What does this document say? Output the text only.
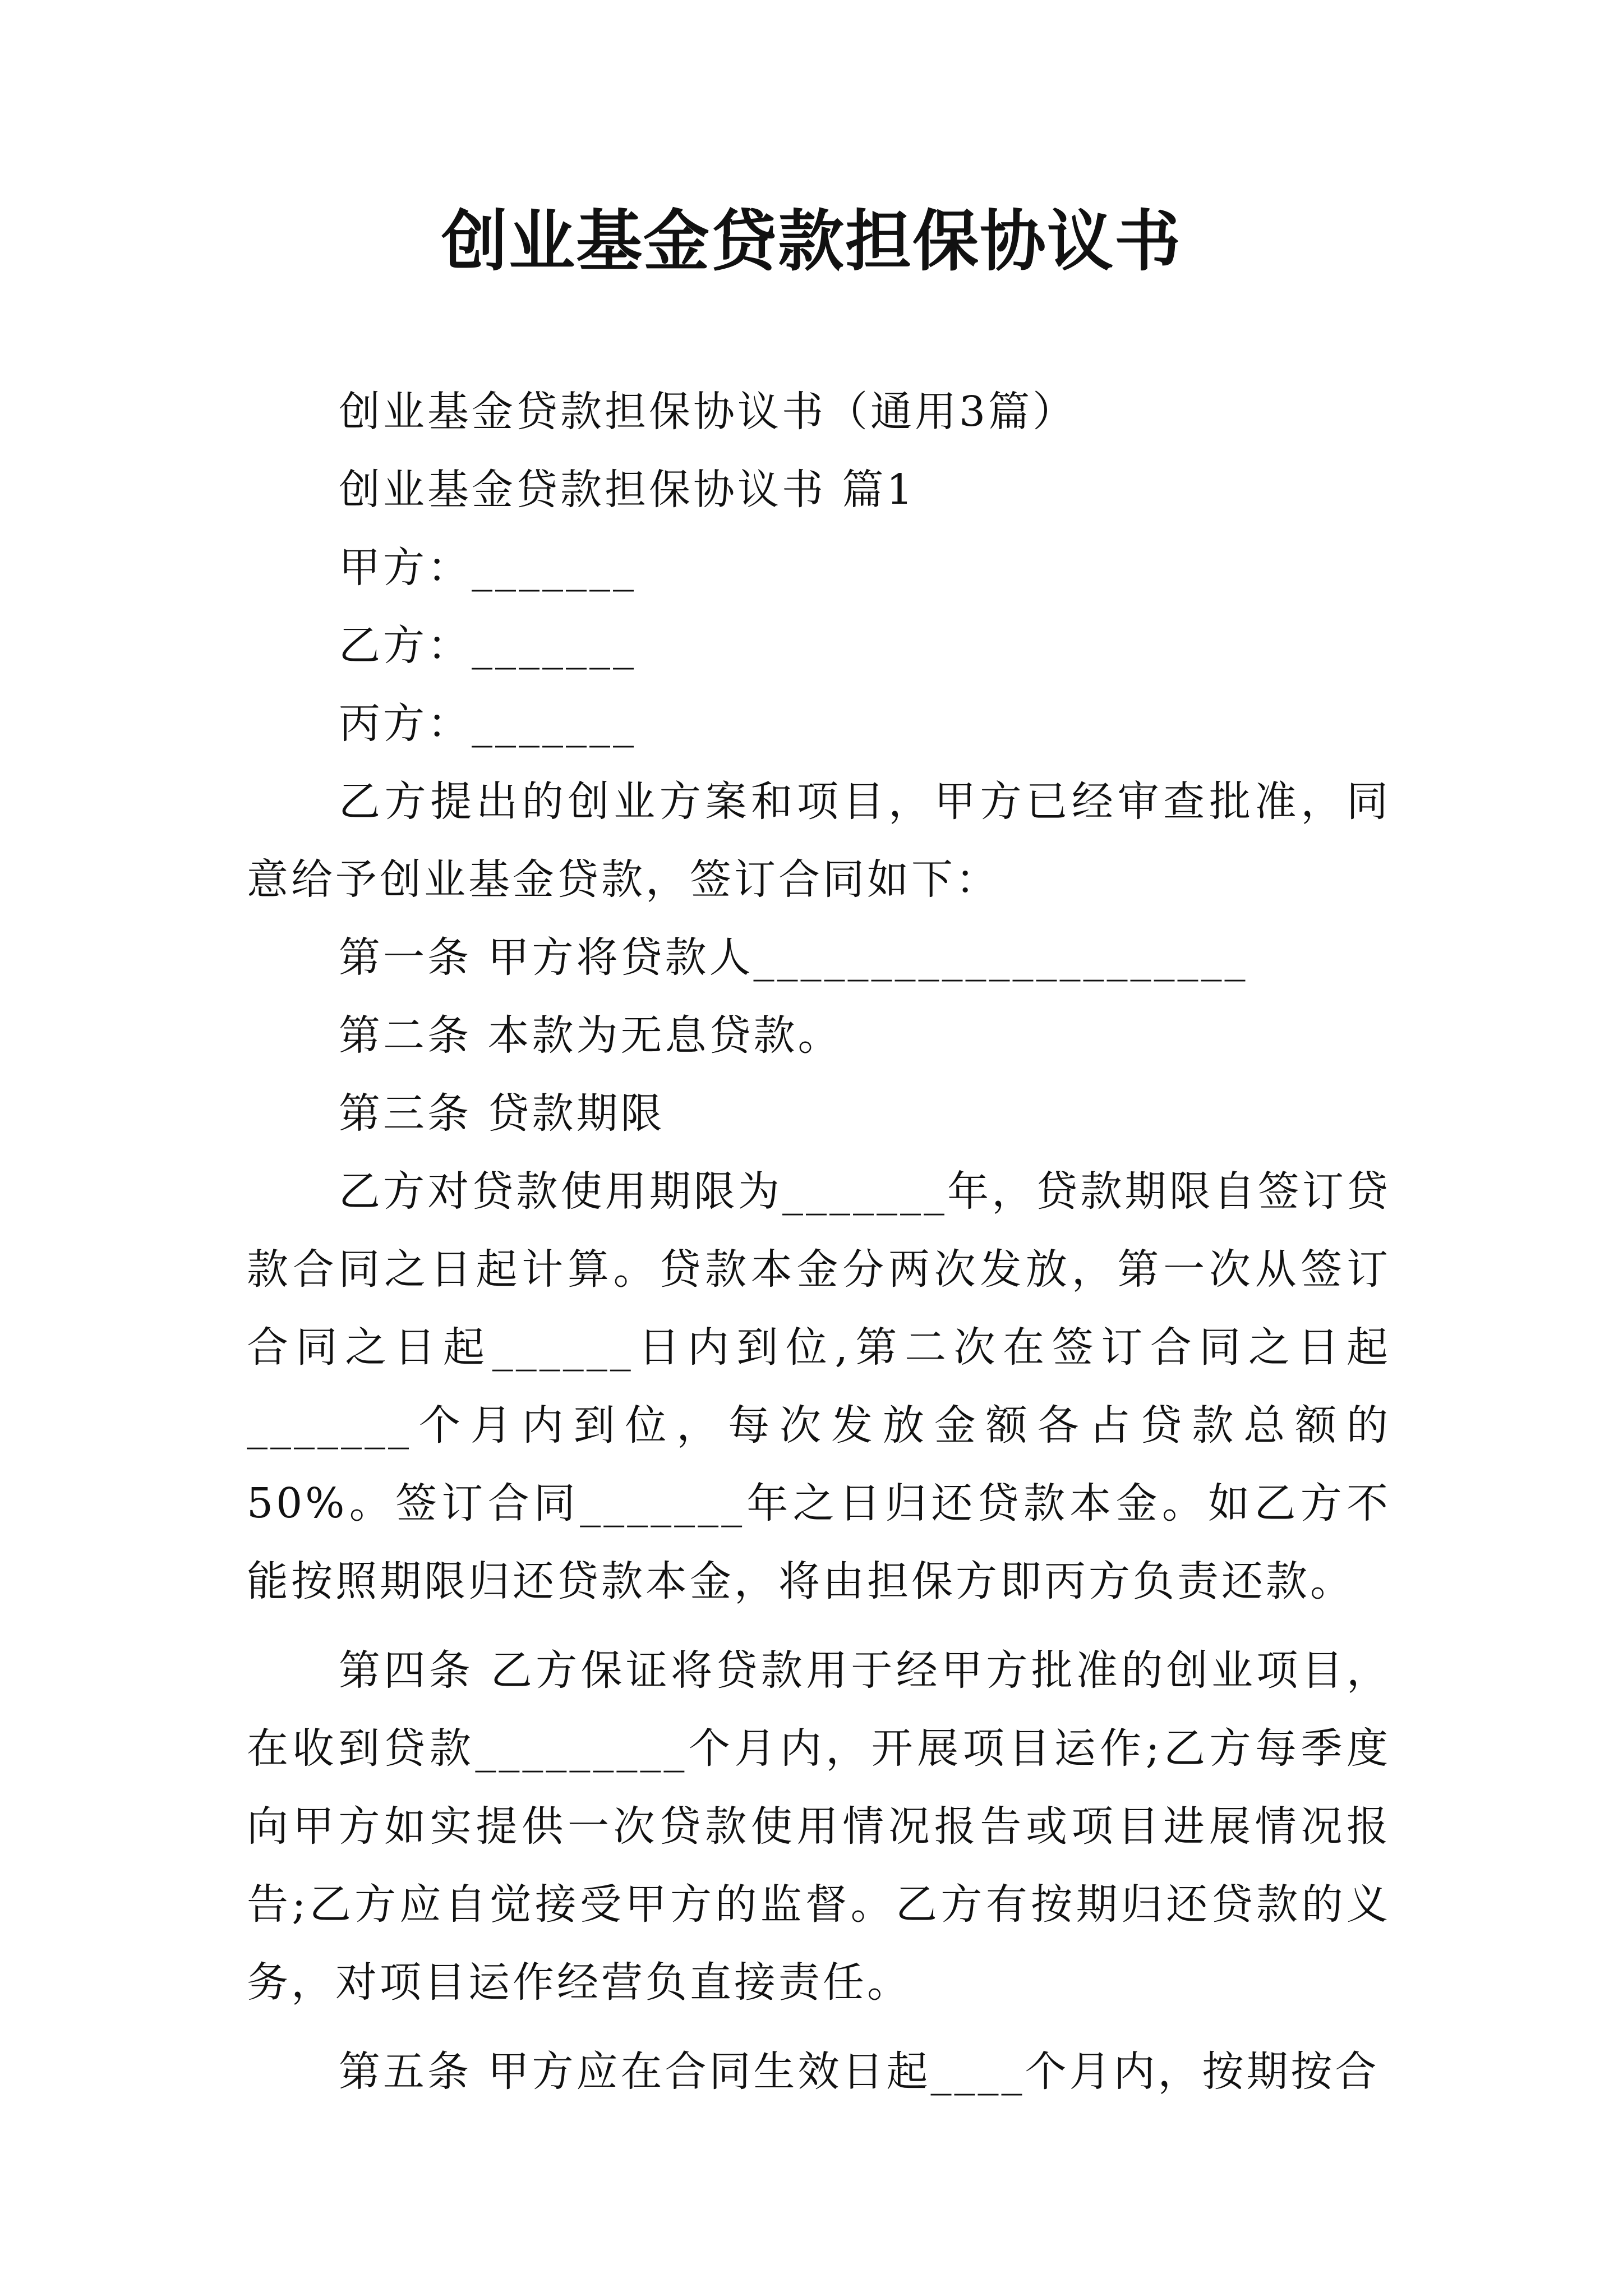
创业基金贷款担保协议书

创业基金贷款担保协议书（通用3篇）

创业基金贷款担保协议书 篇1

甲方：_______

乙方：_______

丙方：_______

乙方提出的创业方案和项目，甲方已经审查批准，同意给予创业基金贷款，签订合同如下：

第一条 甲方将贷款人_____________________

第二条 本款为无息贷款。

第三条 贷款期限

乙方对贷款使用期限为_______年，贷款期限自签订贷款合同之日起计算。贷款本金分两次发放，第一次从签订合同之日起______日内到位,第二次在签订合同之日起_______个月内到位，每次发放金额各占贷款总额的50%。签订合同_______年之日归还贷款本金。如乙方不能按照期限归还贷款本金，将由担保方即丙方负责还款。

第四条 乙方保证将贷款用于经甲方批准的创业项目，在收到贷款_________个月内，开展项目运作;乙方每季度向甲方如实提供一次贷款使用情况报告或项目进展情况报告;乙方应自觉接受甲方的监督。乙方有按期归还贷款的义务，对项目运作经营负直接责任。

第五条 甲方应在合同生效日起____个月内，按期按合
